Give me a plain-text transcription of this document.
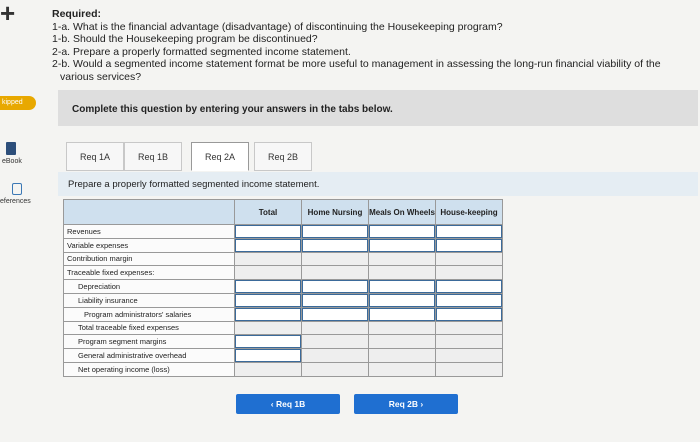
+	Required:
1-a. What is the financial advantage (disadvantage) of discontinuing the Housekeeping program?
1-b. Should the Housekeeping program be discontinued?
2-a. Prepare a properly formatted segmented income statement.
2-b. Would a segmented income statement format be more useful to management in assessing the long-run financial viability of the
various services?
kipped
eBook
eferences
Complete this question by entering your answers in the tabs below.
Req 1A	Req 1B	Req 2A	Req 2B
Prepare a properly formatted segmented income statement.
	Total	Home Nursing	Meals On Wheels	House-keeping
Revenues				
Variable expenses				
Contribution margin				
Traceable fixed expenses:				
Depreciation				
Liability insurance				
Program administrators' salaries				
Total traceable fixed expenses				
Program segment margins				
General administrative overhead				
Net operating income (loss)				
‹ Req 1B	Req 2B ›
